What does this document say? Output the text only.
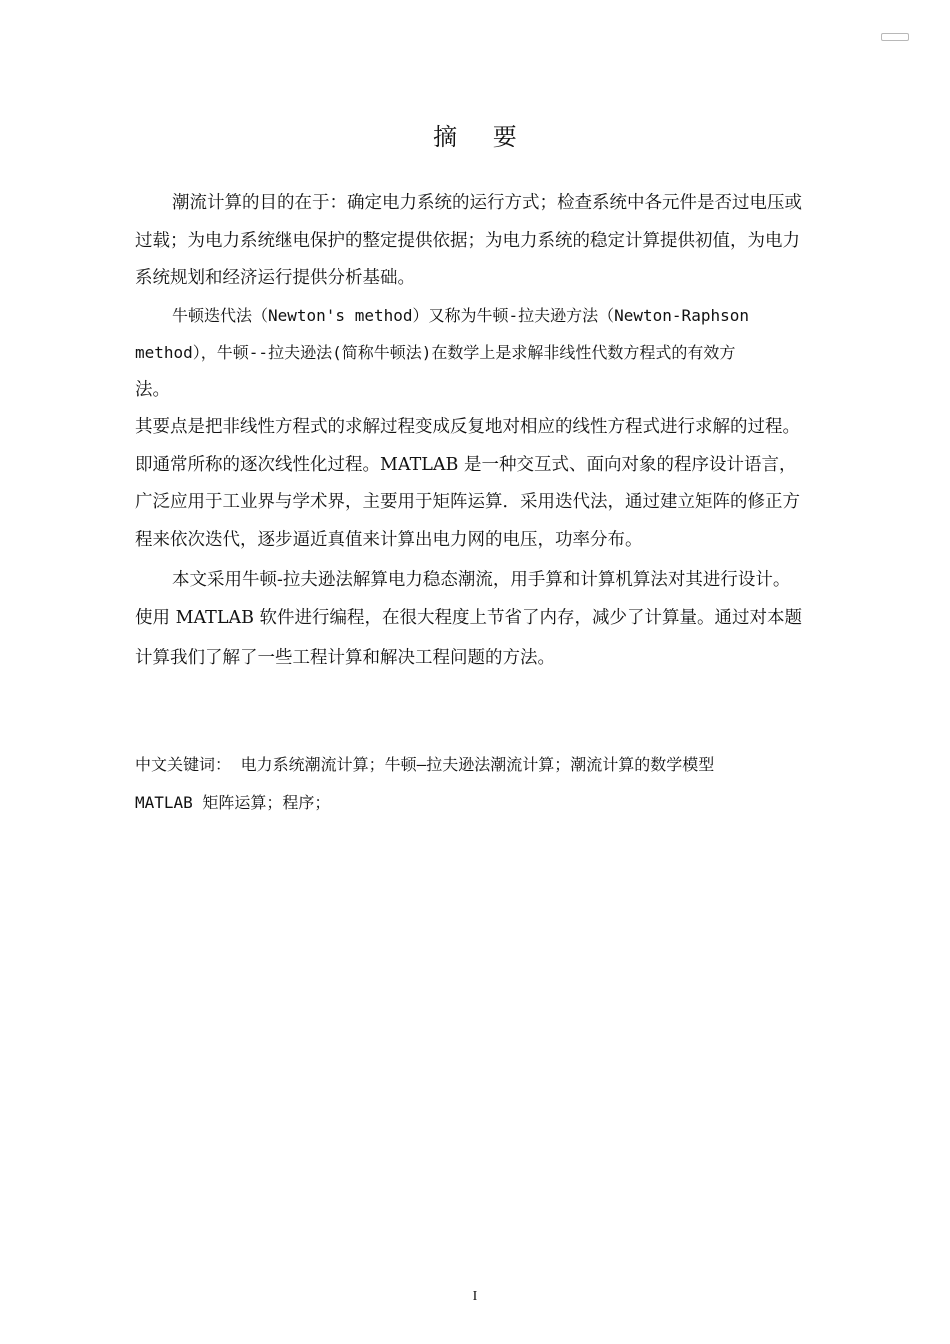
摘 要
潮流计算的目的在于：确定电力系统的运行方式；检查系统中各元件是否过电压或
过载；为电力系统继电保护的整定提供依据；为电力系统的稳定计算提供初值，为电力
系统规划和经济运行提供分析基础。
牛顿迭代法（Newton's method）又称为牛顿-拉夫逊方法（Newton-Raphson
method），牛顿--拉夫逊法(简称牛顿法)在数学上是求解非线性代数方程式的有效方
法。
其要点是把非线性方程式的求解过程变成反复地对相应的线性方程式进行求解的过程。
即通常所称的逐次线性化过程。MATLAB 是一种交互式、面向对象的程序设计语言，
广泛应用于工业界与学术界，主要用于矩阵运算．采用迭代法，通过建立矩阵的修正方
程来依次迭代，逐步逼近真值来计算出电力网的电压，功率分布。
本文采用牛顿-拉夫逊法解算电力稳态潮流，用手算和计算机算法对其进行设计。
使用 MATLAB 软件进行编程，在很大程度上节省了内存，减少了计算量。通过对本题
计算我们了解了一些工程计算和解决工程问题的方法。
中文关键词： 电力系统潮流计算；牛顿—拉夫逊法潮流计算；潮流计算的数学模型
MATLAB 矩阵运算；程序；
I
